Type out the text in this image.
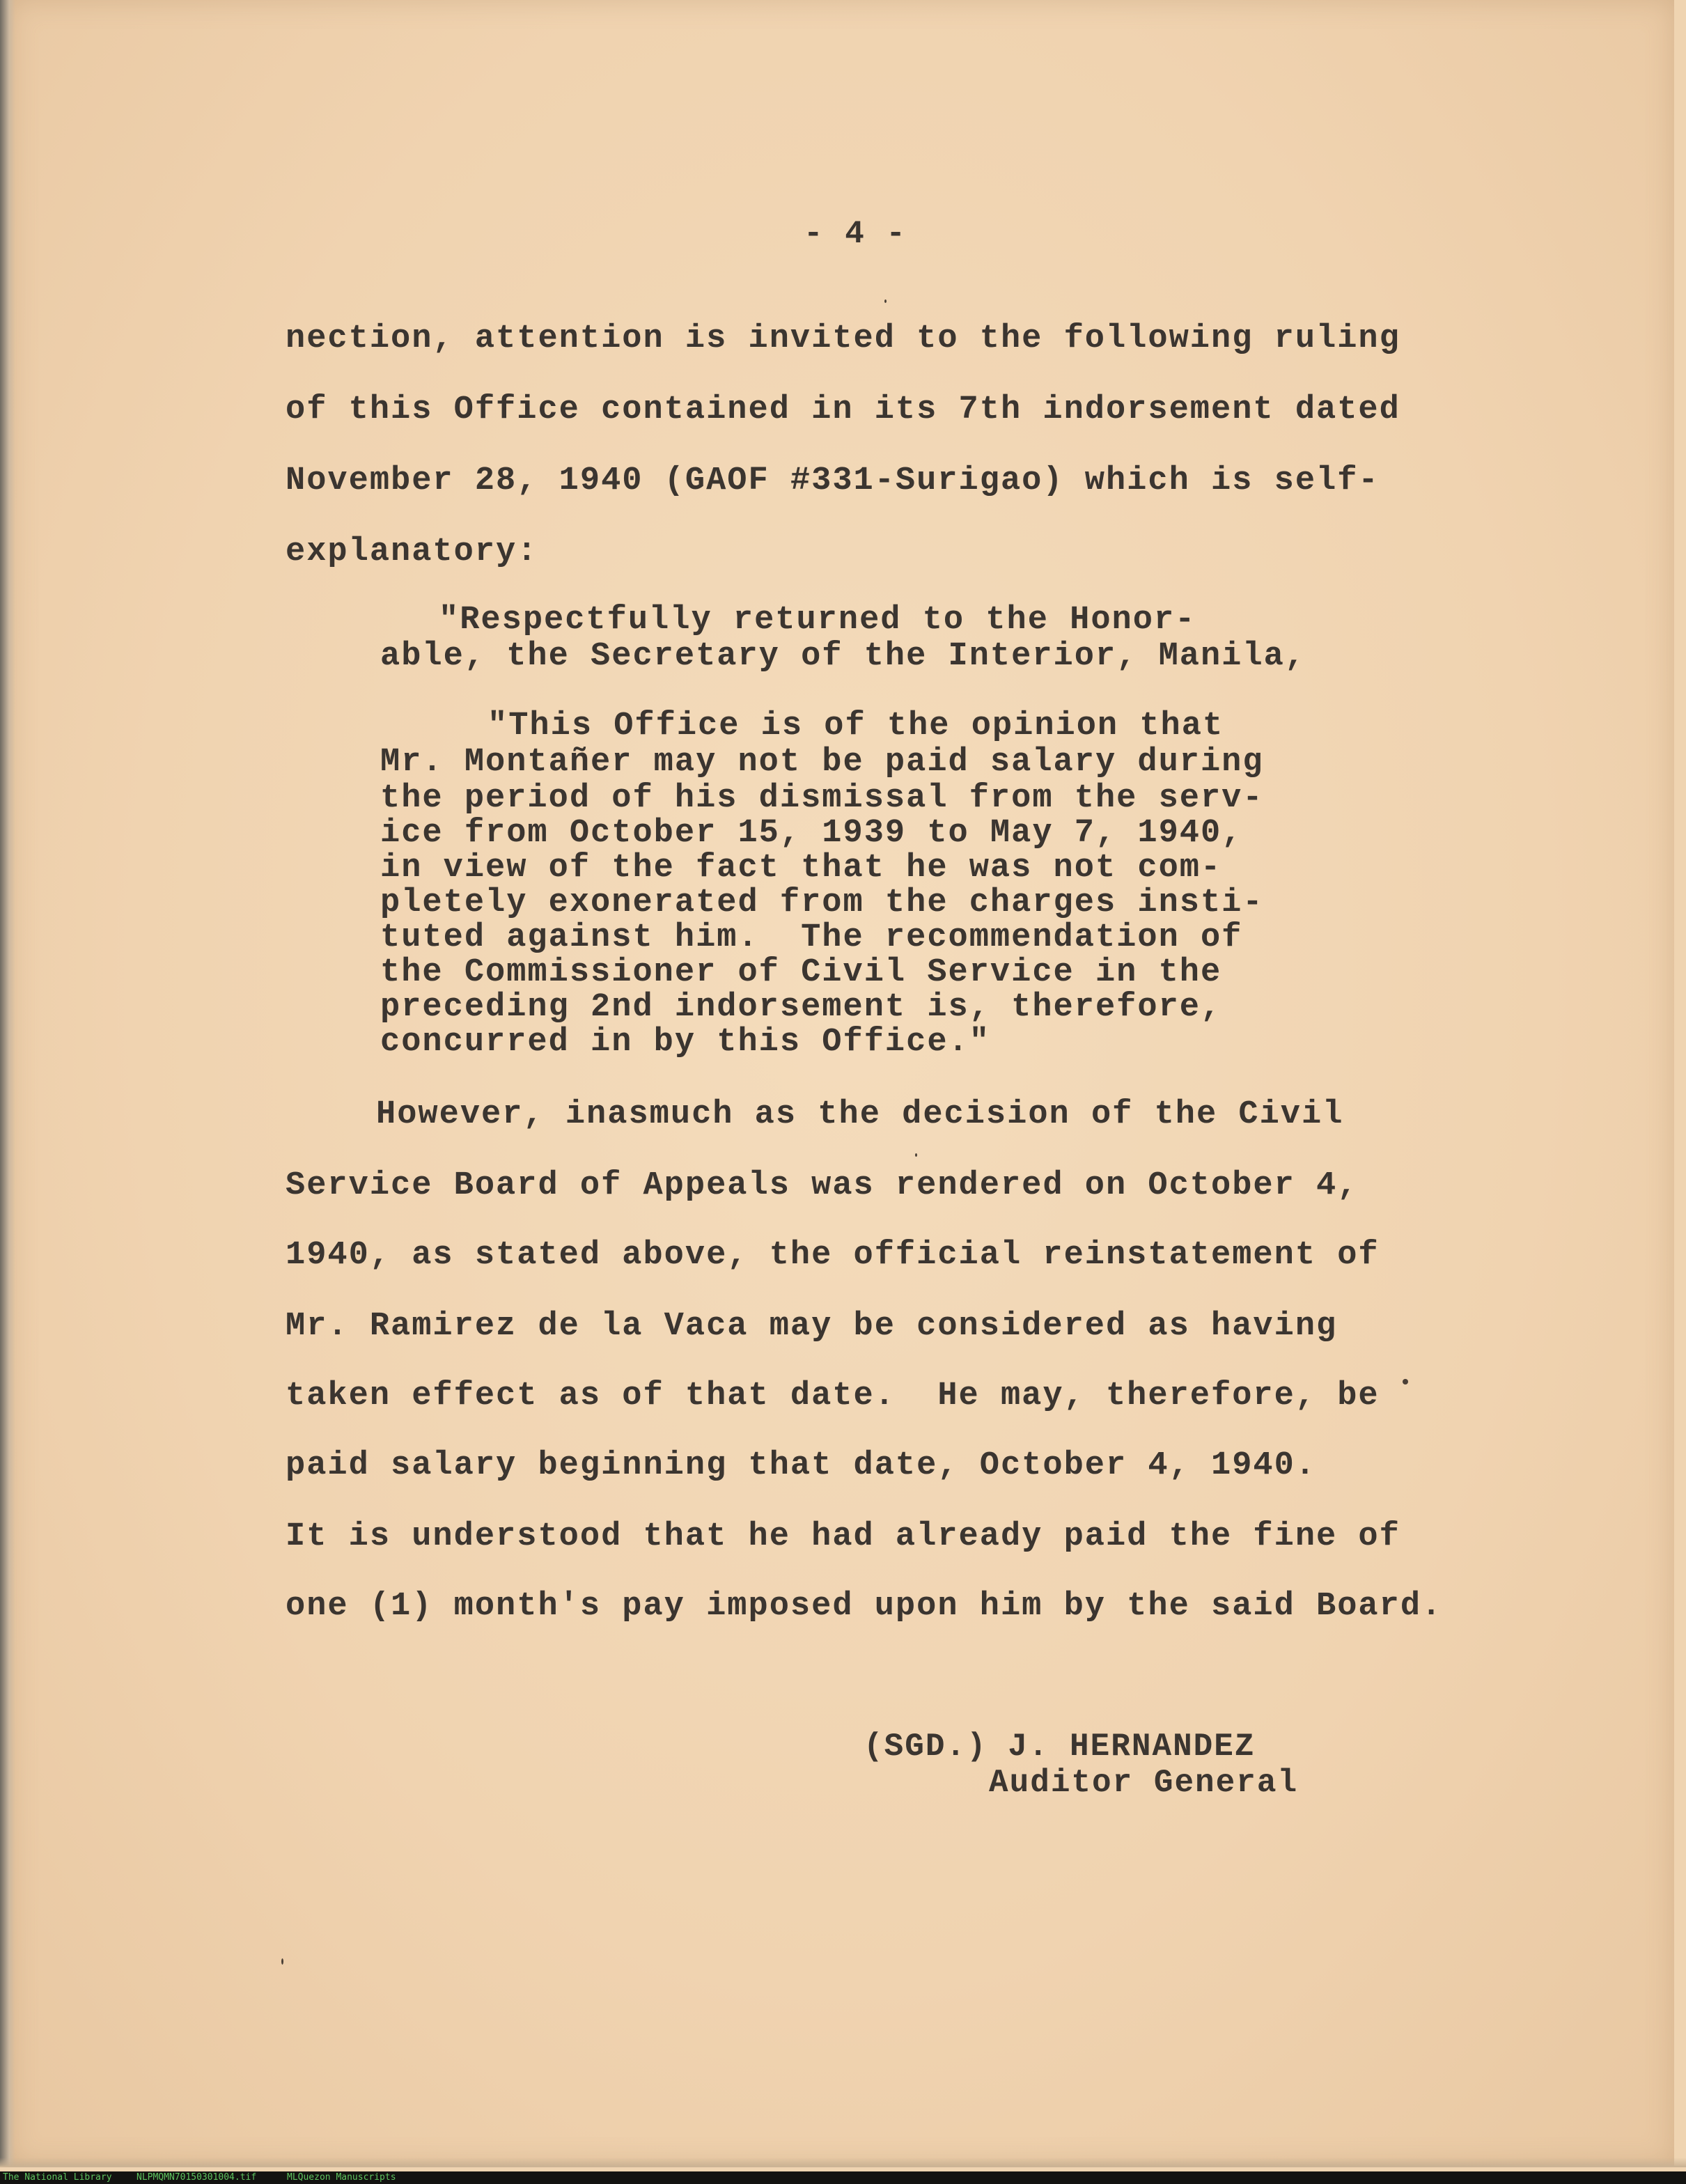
- 4 -
nection, attention is invited to the following ruling
of this Office contained in its 7th indorsement dated
November 28, 1940 (GAOF #331-Surigao) which is self-
explanatory:
"Respectfully returned to the Honor-
able, the Secretary of the Interior, Manila,
"This Office is of the opinion that
Mr. Montañer may not be paid salary during
the period of his dismissal from the serv-
ice from October 15, 1939 to May 7, 1940,
in view of the fact that he was not com-
pletely exonerated from the charges insti-
tuted against him.  The recommendation of
the Commissioner of Civil Service in the
preceding 2nd indorsement is, therefore,
concurred in by this Office."
However, inasmuch as the decision of the Civil
Service Board of Appeals was rendered on October 4,
1940, as stated above, the official reinstatement of
Mr. Ramirez de la Vaca may be considered as having
taken effect as of that date.  He may, therefore, be
paid salary beginning that date, October 4, 1940.
It is understood that he had already paid the fine of
one (1) month's pay imposed upon him by the said Board.
(SGD.) J. HERNANDEZ
Auditor General
The National Library	NLPMQMN70150301004.tif	MLQuezon Manuscripts
